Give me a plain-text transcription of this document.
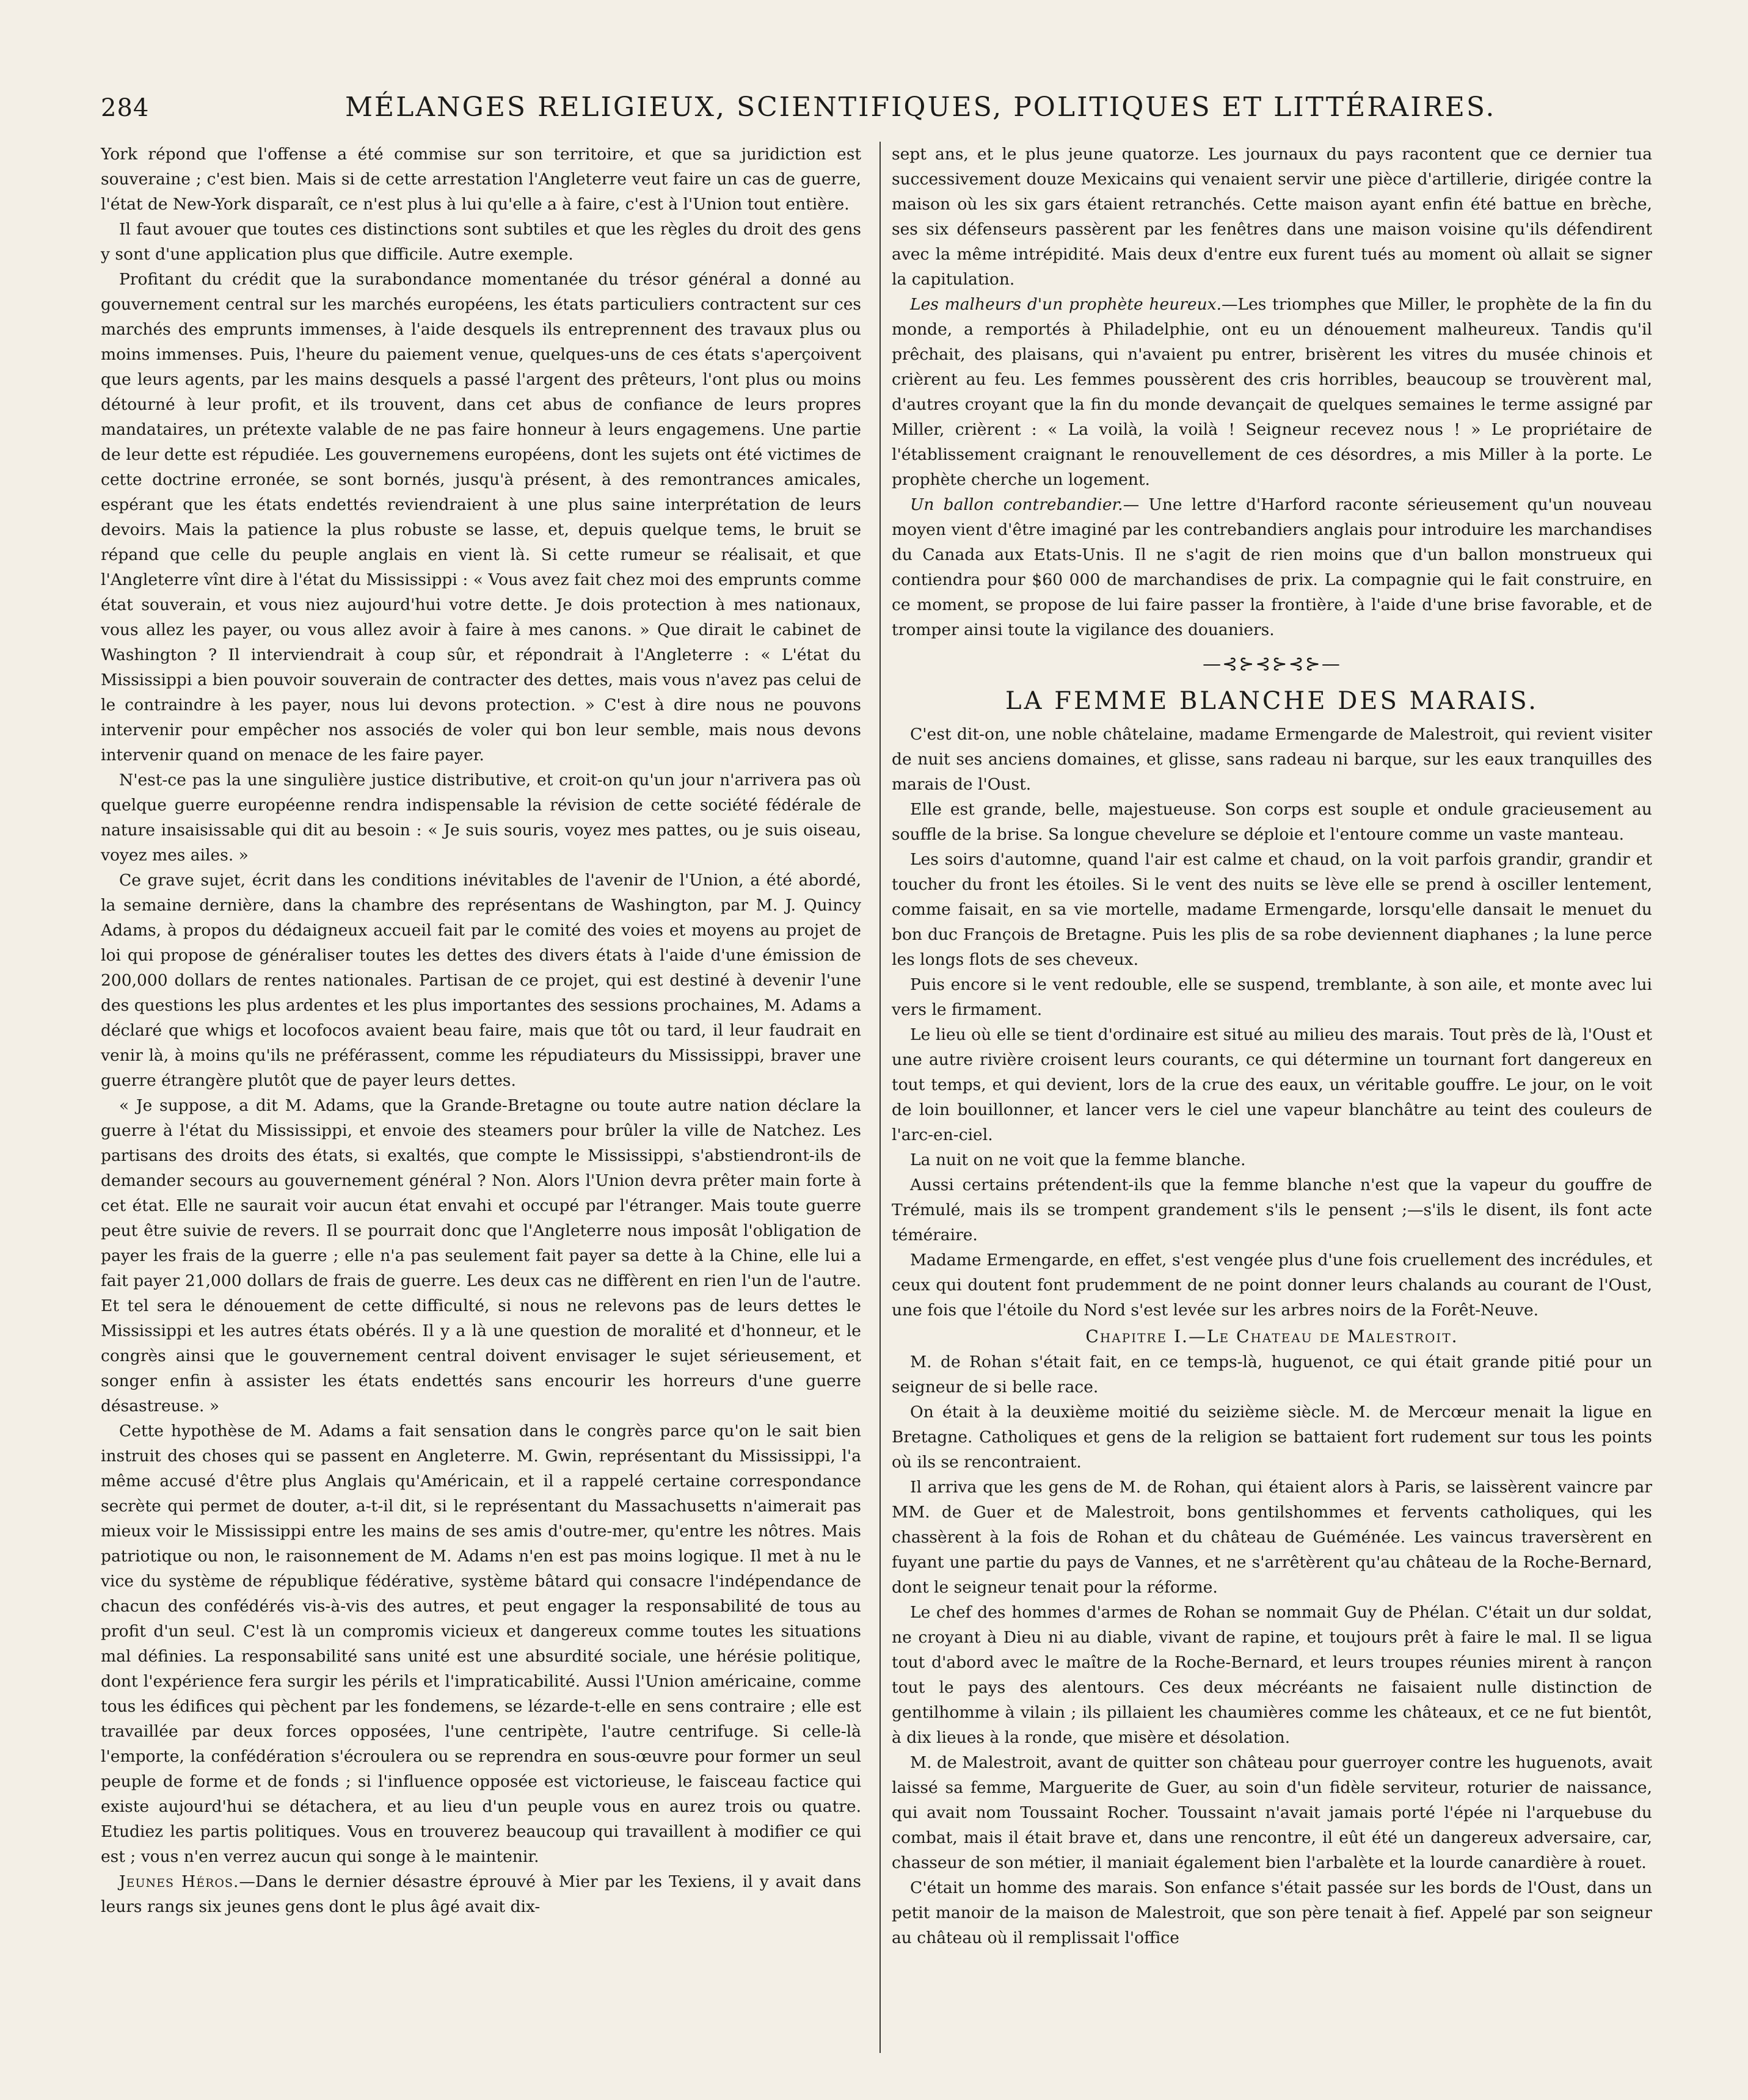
284	MÉLANGES RELIGIEUX, SCIENTIFIQUES, POLITIQUES ET LITTÉRAIRES.

York répond que l'offense a été commise sur son territoire, et que sa juridiction est souveraine ; c'est bien. Mais si de cette arrestation l'Angleterre veut faire un cas de guerre, l'état de New-York disparaît, ce n'est plus à lui qu'elle a à faire, c'est à l'Union tout entière.

Il faut avouer que toutes ces distinctions sont subtiles et que les règles du droit des gens y sont d'une application plus que difficile. Autre exemple.

Profitant du crédit que la surabondance momentanée du trésor général a donné au gouvernement central sur les marchés européens, les états particuliers contractent sur ces marchés des emprunts immenses, à l'aide desquels ils entreprennent des travaux plus ou moins immenses. Puis, l'heure du paiement venue, quelques-uns de ces états s'aperçoivent que leurs agents, par les mains desquels a passé l'argent des prêteurs, l'ont plus ou moins détourné à leur profit, et ils trouvent, dans cet abus de confiance de leurs propres mandataires, un prétexte valable de ne pas faire honneur à leurs engagemens. Une partie de leur dette est répudiée. Les gouvernemens européens, dont les sujets ont été victimes de cette doctrine erronée, se sont bornés, jusqu'à présent, à des remontrances amicales, espérant que les états endettés reviendraient à une plus saine interprétation de leurs devoirs. Mais la patience la plus robuste se lasse, et, depuis quelque tems, le bruit se répand que celle du peuple anglais en vient là. Si cette rumeur se réalisait, et que l'Angleterre vînt dire à l'état du Mississippi : « Vous avez fait chez moi des emprunts comme état souverain, et vous niez aujourd'hui votre dette. Je dois protection à mes nationaux, vous allez les payer, ou vous allez avoir à faire à mes canons. » Que dirait le cabinet de Washington ? Il interviendrait à coup sûr, et répondrait à l'Angleterre : « L'état du Mississippi a bien pouvoir souverain de contracter des dettes, mais vous n'avez pas celui de le contraindre à les payer, nous lui devons protection. » C'est à dire nous ne pouvons intervenir pour empêcher nos associés de voler qui bon leur semble, mais nous devons intervenir quand on menace de les faire payer.

N'est-ce pas la une singulière justice distributive, et croit-on qu'un jour n'arrivera pas où quelque guerre européenne rendra indispensable la révision de cette société fédérale de nature insaisissable qui dit au besoin : « Je suis souris, voyez mes pattes, ou je suis oiseau, voyez mes ailes. »

Ce grave sujet, écrit dans les conditions inévitables de l'avenir de l'Union, a été abordé, la semaine dernière, dans la chambre des représentans de Washington, par M. J. Quincy Adams, à propos du dédaigneux accueil fait par le comité des voies et moyens au projet de loi qui propose de généraliser toutes les dettes des divers états à l'aide d'une émission de 200,000 dollars de rentes nationales. Partisan de ce projet, qui est destiné à devenir l'une des questions les plus ardentes et les plus importantes des sessions prochaines, M. Adams a déclaré que whigs et locofocos avaient beau faire, mais que tôt ou tard, il leur faudrait en venir là, à moins qu'ils ne préférassent, comme les répudiateurs du Mississippi, braver une guerre étrangère plutôt que de payer leurs dettes.

« Je suppose, a dit M. Adams, que la Grande-Bretagne ou toute autre nation déclare la guerre à l'état du Mississippi, et envoie des steamers pour brûler la ville de Natchez. Les partisans des droits des états, si exaltés, que compte le Mississippi, s'abstiendront-ils de demander secours au gouvernement général ? Non. Alors l'Union devra prêter main forte à cet état. Elle ne saurait voir aucun état envahi et occupé par l'étranger. Mais toute guerre peut être suivie de revers. Il se pourrait donc que l'Angleterre nous imposât l'obligation de payer les frais de la guerre ; elle n'a pas seulement fait payer sa dette à la Chine, elle lui a fait payer 21,000 dollars de frais de guerre. Les deux cas ne diffèrent en rien l'un de l'autre. Et tel sera le dénouement de cette difficulté, si nous ne relevons pas de leurs dettes le Mississippi et les autres états obérés. Il y a là une question de moralité et d'honneur, et le congrès ainsi que le gouvernement central doivent envisager le sujet sérieusement, et songer enfin à assister les états endettés sans encourir les horreurs d'une guerre désastreuse. »

Cette hypothèse de M. Adams a fait sensation dans le congrès parce qu'on le sait bien instruit des choses qui se passent en Angleterre. M. Gwin, représentant du Mississippi, l'a même accusé d'être plus Anglais qu'Américain, et il a rappelé certaine correspondance secrète qui permet de douter, a-t-il dit, si le représentant du Massachusetts n'aimerait pas mieux voir le Mississippi entre les mains de ses amis d'outre-mer, qu'entre les nôtres. Mais patriotique ou non, le raisonnement de M. Adams n'en est pas moins logique. Il met à nu le vice du système de république fédérative, système bâtard qui consacre l'indépendance de chacun des confédérés vis-à-vis des autres, et peut engager la responsabilité de tous au profit d'un seul. C'est là un compromis vicieux et dangereux comme toutes les situations mal définies. La responsabilité sans unité est une absurdité sociale, une hérésie politique, dont l'expérience fera surgir les périls et l'impraticabilité. Aussi l'Union américaine, comme tous les édifices qui pèchent par les fondemens, se lézarde-t-elle en sens contraire ; elle est travaillée par deux forces opposées, l'une centripète, l'autre centrifuge. Si celle-là l'emporte, la confédération s'écroulera ou se reprendra en sous-œuvre pour former un seul peuple de forme et de fonds ; si l'influence opposée est victorieuse, le faisceau factice qui existe aujourd'hui se détachera, et au lieu d'un peuple vous en aurez trois ou quatre. Etudiez les partis politiques. Vous en trouverez beaucoup qui travaillent à modifier ce qui est ; vous n'en verrez aucun qui songe à le maintenir.

Jeunes Héros.—Dans le dernier désastre éprouvé à Mier par les Texiens, il y avait dans leurs rangs six jeunes gens dont le plus âgé avait dix-

sept ans, et le plus jeune quatorze. Les journaux du pays racontent que ce dernier tua successivement douze Mexicains qui venaient servir une pièce d'artillerie, dirigée contre la maison où les six gars étaient retranchés. Cette maison ayant enfin été battue en brèche, ses six défenseurs passèrent par les fenêtres dans une maison voisine qu'ils défendirent avec la même intrépidité. Mais deux d'entre eux furent tués au moment où allait se signer la capitulation.

Les malheurs d'un prophète heureux.—Les triomphes que Miller, le prophète de la fin du monde, a remportés à Philadelphie, ont eu un dénouement malheureux. Tandis qu'il prêchait, des plaisans, qui n'avaient pu entrer, brisèrent les vitres du musée chinois et crièrent au feu. Les femmes poussèrent des cris horribles, beaucoup se trouvèrent mal, d'autres croyant que la fin du monde devançait de quelques semaines le terme assigné par Miller, crièrent : « La voilà, la voilà ! Seigneur recevez nous ! » Le propriétaire de l'établissement craignant le renouvellement de ces désordres, a mis Miller à la porte. Le prophète cherche un logement.

Un ballon contrebandier.— Une lettre d'Harford raconte sérieusement qu'un nouveau moyen vient d'être imaginé par les contrebandiers anglais pour introduire les marchandises du Canada aux Etats-Unis. Il ne s'agit de rien moins que d'un ballon monstrueux qui contiendra pour $60 000 de marchandises de prix. La compagnie qui le fait construire, en ce moment, se propose de lui faire passer la frontière, à l'aide d'une brise favorable, et de tromper ainsi toute la vigilance des douaniers.

—⊰⊱⊰⊱⊰⊱—
LA FEMME BLANCHE DES MARAIS.

C'est dit-on, une noble châtelaine, madame Ermengarde de Malestroit, qui revient visiter de nuit ses anciens domaines, et glisse, sans radeau ni barque, sur les eaux tranquilles des marais de l'Oust.

Elle est grande, belle, majestueuse. Son corps est souple et ondule gracieusement au souffle de la brise. Sa longue chevelure se déploie et l'entoure comme un vaste manteau.

Les soirs d'automne, quand l'air est calme et chaud, on la voit parfois grandir, grandir et toucher du front les étoiles. Si le vent des nuits se lève elle se prend à osciller lentement, comme faisait, en sa vie mortelle, madame Ermengarde, lorsqu'elle dansait le menuet du bon duc François de Bretagne. Puis les plis de sa robe deviennent diaphanes ; la lune perce les longs flots de ses cheveux.

Puis encore si le vent redouble, elle se suspend, tremblante, à son aile, et monte avec lui vers le firmament.

Le lieu où elle se tient d'ordinaire est situé au milieu des marais. Tout près de là, l'Oust et une autre rivière croisent leurs courants, ce qui détermine un tournant fort dangereux en tout temps, et qui devient, lors de la crue des eaux, un véritable gouffre. Le jour, on le voit de loin bouillonner, et lancer vers le ciel une vapeur blanchâtre au teint des couleurs de l'arc-en-ciel.

La nuit on ne voit que la femme blanche.

Aussi certains prétendent-ils que la femme blanche n'est que la vapeur du gouffre de Trémulé, mais ils se trompent grandement s'ils le pensent ;—s'ils le disent, ils font acte téméraire.

Madame Ermengarde, en effet, s'est vengée plus d'une fois cruellement des incrédules, et ceux qui doutent font prudemment de ne point donner leurs chalands au courant de l'Oust, une fois que l'étoile du Nord s'est levée sur les arbres noirs de la Forêt-Neuve.

Chapitre I.—Le Chateau de Malestroit.

M. de Rohan s'était fait, en ce temps-là, huguenot, ce qui était grande pitié pour un seigneur de si belle race.

On était à la deuxième moitié du seizième siècle. M. de Mercœur menait la ligue en Bretagne. Catholiques et gens de la religion se battaient fort rudement sur tous les points où ils se rencontraient.

Il arriva que les gens de M. de Rohan, qui étaient alors à Paris, se laissèrent vaincre par MM. de Guer et de Malestroit, bons gentilshommes et fervents catholiques, qui les chassèrent à la fois de Rohan et du château de Guéménée. Les vaincus traversèrent en fuyant une partie du pays de Vannes, et ne s'arrêtèrent qu'au château de la Roche-Bernard, dont le seigneur tenait pour la réforme.

Le chef des hommes d'armes de Rohan se nommait Guy de Phélan. C'était un dur soldat, ne croyant à Dieu ni au diable, vivant de rapine, et toujours prêt à faire le mal. Il se ligua tout d'abord avec le maître de la Roche-Bernard, et leurs troupes réunies mirent à rançon tout le pays des alentours. Ces deux mécréants ne faisaient nulle distinction de gentilhomme à vilain ; ils pillaient les chaumières comme les châteaux, et ce ne fut bientôt, à dix lieues à la ronde, que misère et désolation.

M. de Malestroit, avant de quitter son château pour guerroyer contre les huguenots, avait laissé sa femme, Marguerite de Guer, au soin d'un fidèle serviteur, roturier de naissance, qui avait nom Toussaint Rocher. Toussaint n'avait jamais porté l'épée ni l'arquebuse du combat, mais il était brave et, dans une rencontre, il eût été un dangereux adversaire, car, chasseur de son métier, il maniait également bien l'arbalète et la lourde canardière à rouet.

C'était un homme des marais. Son enfance s'était passée sur les bords de l'Oust, dans un petit manoir de la maison de Malestroit, que son père tenait à fief. Appelé par son seigneur au château où il remplissait l'office
